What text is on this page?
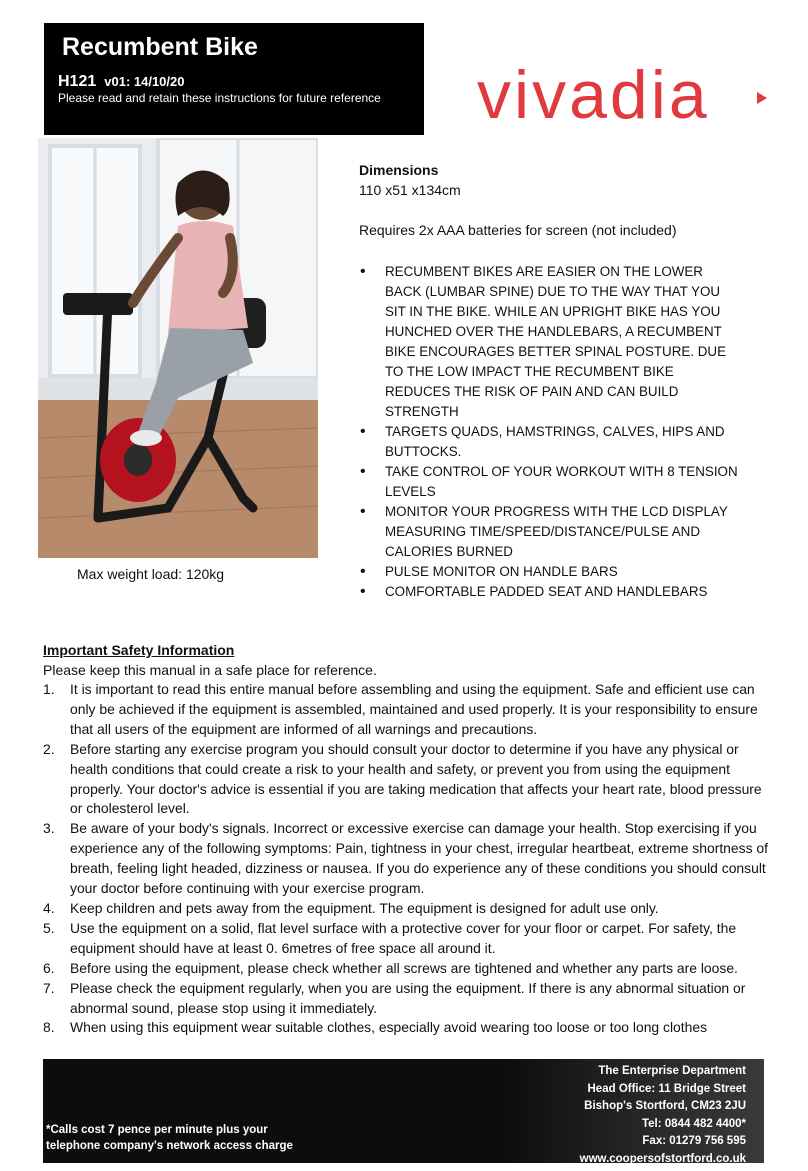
Recumbent Bike
H121 v01: 14/10/20
Please read and retain these instructions for future reference vivadia
Max weight load: 120kg
Dimensions
110 x51 x134cm
Requires 2x AAA batteries for screen (not included)
• RECUMBENT BIKES ARE EASIER ON THE LOWER BACK (LUMBAR SPINE) DUE TO THE WAY THAT YOU SIT IN THE BIKE. WHILE AN UPRIGHT BIKE HAS YOU HUNCHED OVER THE HANDLEBARS, A RECUMBENT BIKE ENCOURAGES BETTER SPINAL POSTURE. DUE TO THE LOW IMPACT THE RECUMBENT BIKE REDUCES THE RISK OF PAIN AND CAN BUILD STRENGTH
• TARGETS QUADS, HAMSTRINGS, CALVES, HIPS AND BUTTOCKS.
• TAKE CONTROL OF YOUR WORKOUT WITH 8 TENSION LEVELS
• MONITOR YOUR PROGRESS WITH THE LCD DISPLAY MEASURING TIME/SPEED/DISTANCE/PULSE AND CALORIES BURNED
• PULSE MONITOR ON HANDLE BARS
• COMFORTABLE PADDED SEAT AND HANDLEBARS
Important Safety Information

Please keep this manual in a safe place for reference.

1. It is important to read this entire manual before assembling and using the equipment. Safe and efficient use can only be achieved if the equipment is assembled, maintained and used properly. It is your responsibility to ensure that all users of the equipment are informed of all warnings and precautions.
2. Before starting any exercise program you should consult your doctor to determine if you have any physical or health conditions that could create a risk to your health and safety, or prevent you from using the equipment properly. Your doctor's advice is essential if you are taking medication that affects your heart rate, blood pressure or cholesterol level.
3. Be aware of your body's signals. Incorrect or excessive exercise can damage your health. Stop exercising if you experience any of the following symptoms: Pain, tightness in your chest, irregular heartbeat, extreme shortness of breath, feeling light headed, dizziness or nausea. If you do experience any of these conditions you should consult your doctor before continuing with your exercise program.
4. Keep children and pets away from the equipment. The equipment is designed for adult use only.
5. Use the equipment on a solid, flat level surface with a protective cover for your floor or carpet. For safety, the equipment should have at least 0. 6metres of free space all around it.
6. Before using the equipment, please check whether all screws are tightened and whether any parts are loose.
7. Please check the equipment regularly, when you are using the equipment. If there is any abnormal situation or abnormal sound, please stop using it immediately.
8. When using this equipment wear suitable clothes, especially avoid wearing too loose or too long clothes
The Enterprise Department
Head Office: 11 Bridge Street
Bishop's Stortford, CM23 2JU
Tel: 0844 482 4400*
Fax: 01279 756 595
www.coopersofstortford.co.uk
*Calls cost 7 pence per minute plus your
telephone company's network access charge
